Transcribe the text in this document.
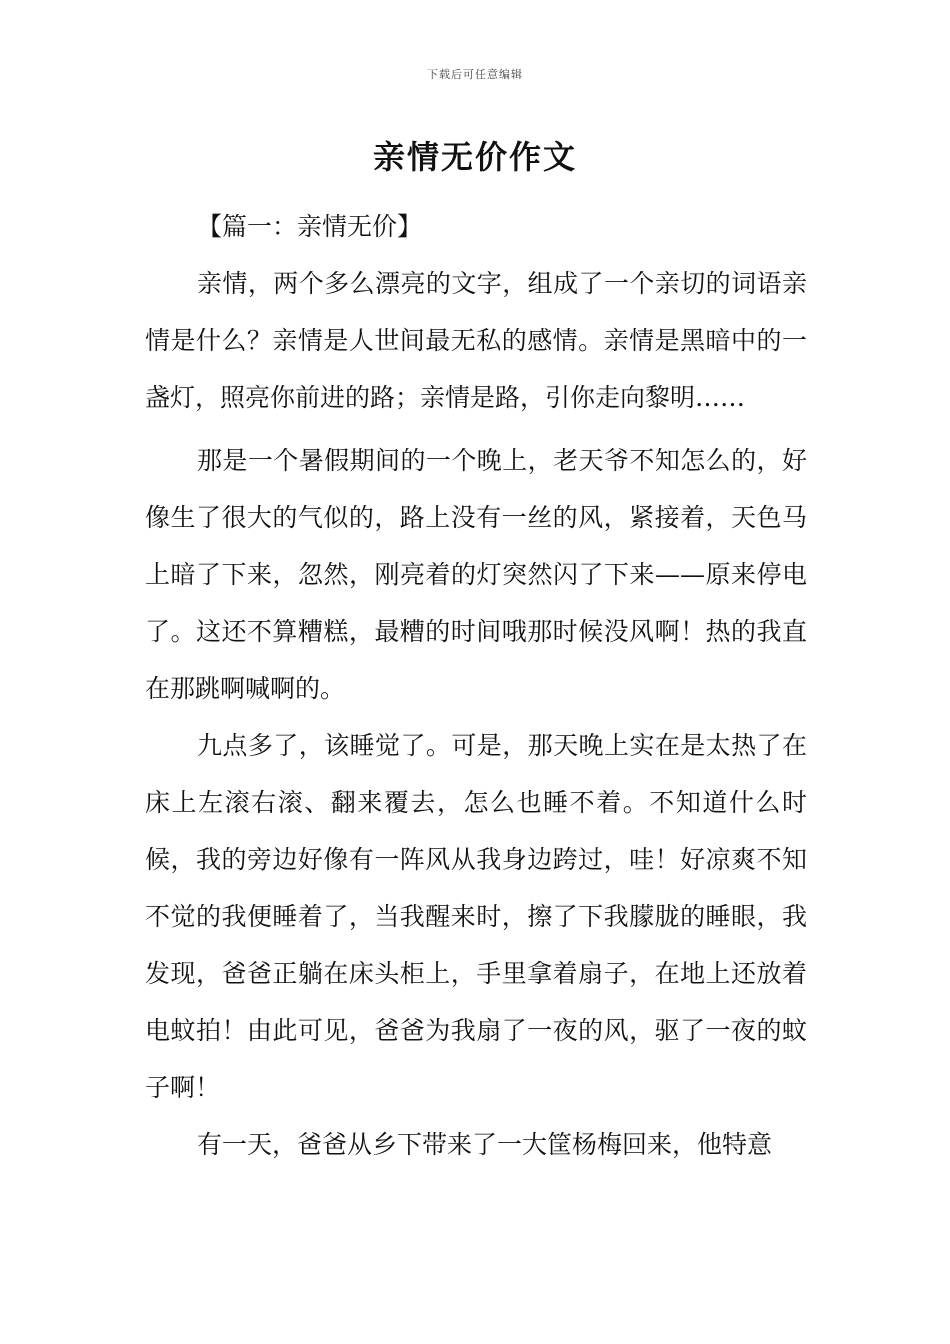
下载后可任意编辑
亲情无价作文

【篇一：亲情无价】

亲情，两个多么漂亮的文字，组成了一个亲切的词语亲情是什么？亲情是人世间最无私的感情。亲情是黑暗中的一盏灯，照亮你前进的路；亲情是路，引你走向黎明……

那是一个暑假期间的一个晚上，老天爷不知怎么的，好像生了很大的气似的，路上没有一丝的风，紧接着，天色马上暗了下来，忽然，刚亮着的灯突然闪了下来——原来停电了。这还不算糟糕，最糟的时间哦那时候没风啊！热的我直在那跳啊喊啊的。

九点多了，该睡觉了。可是，那天晚上实在是太热了在床上左滚右滚、翻来覆去，怎么也睡不着。不知道什么时候，我的旁边好像有一阵风从我身边跨过，哇！好凉爽不知不觉的我便睡着了，当我醒来时，擦了下我朦胧的睡眼，我发现，爸爸正躺在床头柜上，手里拿着扇子，在地上还放着电蚊拍！由此可见，爸爸为我扇了一夜的风，驱了一夜的蚊子啊！

有一天，爸爸从乡下带来了一大筐杨梅回来，他特意
